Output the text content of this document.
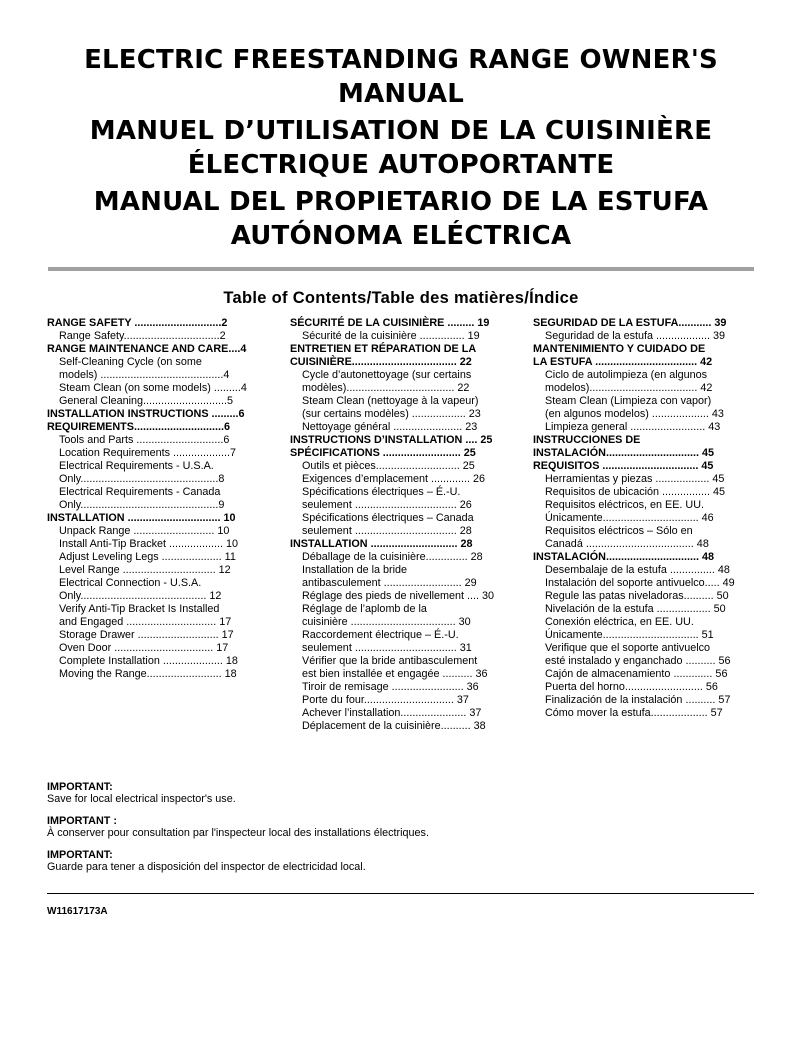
ELECTRIC FREESTANDING RANGE OWNER'S
MANUAL
MANUEL D’UTILISATION DE LA CUISINIÈRE
ÉLECTRIQUE AUTOPORTANTE
MANUAL DEL PROPIETARIO DE LA ESTUFA
AUTÓNOMA ELÉCTRICA
Table of Contents/Table des matières/Índice
RANGE SAFETY .............................2
Range Safety................................2
RANGE MAINTENANCE AND CARE....4
Self-Cleaning Cycle (on some
models) .........................................4
Steam Clean (on some models) .........4
General Cleaning............................5
INSTALLATION INSTRUCTIONS .........6
REQUIREMENTS..............................6
Tools and Parts .............................6
Location Requirements ...................7
Electrical Requirements - U.S.A.
Only..............................................8
Electrical Requirements - Canada
Only..............................................9
INSTALLATION ............................... 10
Unpack Range ........................... 10
Install Anti-Tip Bracket .................. 10
Adjust Leveling Legs .................... 11
Level Range ............................... 12
Electrical Connection - U.S.A.
Only.......................................... 12
Verify Anti-Tip Bracket Is Installed
and Engaged .............................. 17
Storage Drawer ........................... 17
Oven Door ................................. 17
Complete Installation .................... 18
Moving the Range......................... 18
SÉCURITÉ DE LA CUISINIÈRE ......... 19
Sécurité de la cuisinière ............... 19
ENTRETIEN ET RÉPARATION DE LA
CUISINIÈRE................................... 22
Cycle d’autonettoyage (sur certains
modèles).................................... 22
Steam Clean (nettoyage à la vapeur)
(sur certains modèles) .................. 23
Nettoyage général ....................... 23
INSTRUCTIONS D’INSTALLATION .... 25
SPÉCIFICATIONS .......................... 25
Outils et pièces............................ 25
Exigences d’emplacement ............. 26
Spécifications électriques – É.-U.
seulement .................................. 26
Spécifications électriques – Canada
seulement .................................. 28
INSTALLATION ............................. 28
Déballage de la cuisinière.............. 28
Installation de la bride
antibasculement .......................... 29
Réglage des pieds de nivellement .... 30
Réglage de l’aplomb de la
cuisinière ................................... 30
Raccordement électrique – É.-U.
seulement .................................. 31
Vérifier que la bride antibasculement
est bien installée et engagée .......... 36
Tiroir de remisage ........................ 36
Porte du four.............................. 37
Achever l’installation...................... 37
Déplacement de la cuisinière.......... 38
SEGURIDAD DE LA ESTUFA........... 39
Seguridad de la estufa .................. 39
MANTENIMIENTO Y CUIDADO DE
LA ESTUFA .................................. 42
Ciclo de autolimpieza (en algunos
modelos).................................... 42
Steam Clean (Limpieza con vapor)
(en algunos modelos) ................... 43
Limpieza general ......................... 43
INSTRUCCIONES DE
INSTALACIÓN............................... 45
REQUISITOS ................................ 45
Herramientas y piezas .................. 45
Requisitos de ubicación ................ 45
Requisitos eléctricos, en EE. UU.
Únicamente................................ 46
Requisitos eléctricos – Sólo en
Canadá .................................... 48
INSTALACIÓN............................... 48
Desembalaje de la estufa ............... 48
Instalación del soporte antivuelco..... 49
Regule las patas niveladoras.......... 50
Nivelación de la estufa .................. 50
Conexión eléctrica, en EE. UU.
Únicamente................................ 51
Verifique que el soporte antivuelco
esté instalado y enganchado .......... 56
Cajón de almacenamiento ............. 56
Puerta del horno.......................... 56
Finalización de la instalación .......... 57
Cómo mover la estufa................... 57
IMPORTANT:
Save for local electrical inspector's use.
IMPORTANT :
À conserver pour consultation par l'inspecteur local des installations électriques.
IMPORTANT:
Guarde para tener a disposición del inspector de electricidad local.
W11617173A
